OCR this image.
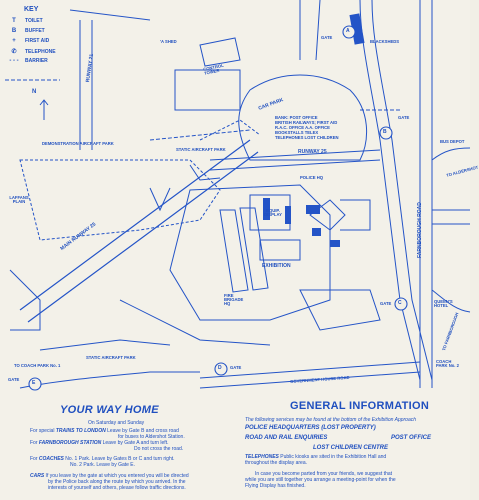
KEY
T	TOILET
B	BUFFET
+	FIRST AID
✆	TELEPHONE
- - - BARRIER
N
RUNWAY 21
'A SHED
CONTROL TOWER
GATE
A
BLACKSHEDS
CAR PARK
BANK: POST OFFICE
BRITISH RAILWAYS; FIRST AID
R.A.C. OFFICE A.A. OFFICE
BOOKSTALLS TELEX
TELEPHONES LOST CHILDREN
GATE
B
DEMONSTRATION AIRCRAFT PARK
STATIC AIRCRAFT PARK	RUNWAY 25
MAIN RUNWAY 25
POLICE HQ
EQUIP. DISPLAY
LAFFANS PLAIN
EXHIBITION
FIRE BRIGADE HQ
FARNBOROUGH ROAD
GATE C	QUEEN'S HOTEL
TO FARNBOROUGH
GATE
E
GATE
D
TO COACH PARK No. 1
STATIC AIRCRAFT PARK
GOVERNMENT HOUSE ROAD
COACH PARK No. 2
TO ALDERSHOT
BUS DEPOT
YOUR WAY HOME
On Saturday and Sunday
For special TRAINS TO LONDON Leave by Gate B and cross road
for buses to Aldershot Station.
For FARNBOROUGH STATION Leave by Gate A and turn left.
Do not cross the road.
For COACHES No. 1 Park. Leave by Gates B or C and turn right.
No. 2 Park. Leave by Gate E.
CARS If you leave by the gate at which you entered you will be directed
by the Police back along the route by which you arrived. In the
interests of yourself and others, please follow traffic directions.
GENERAL INFORMATION
The following services may be found at the bottom of the Exhibition Approach
POLICE HEADQUARTERS (LOST PROPERTY)
ROAD AND RAIL ENQUIRIES	POST OFFICE
LOST CHILDREN CENTRE
TELEPHONES Public kiosks are sited in the Exhibition Hall and
throughout the display area.
In case you become parted from your friends, we suggest that
while you are still together you arrange a meeting-point for when the
Flying Display has finished.
